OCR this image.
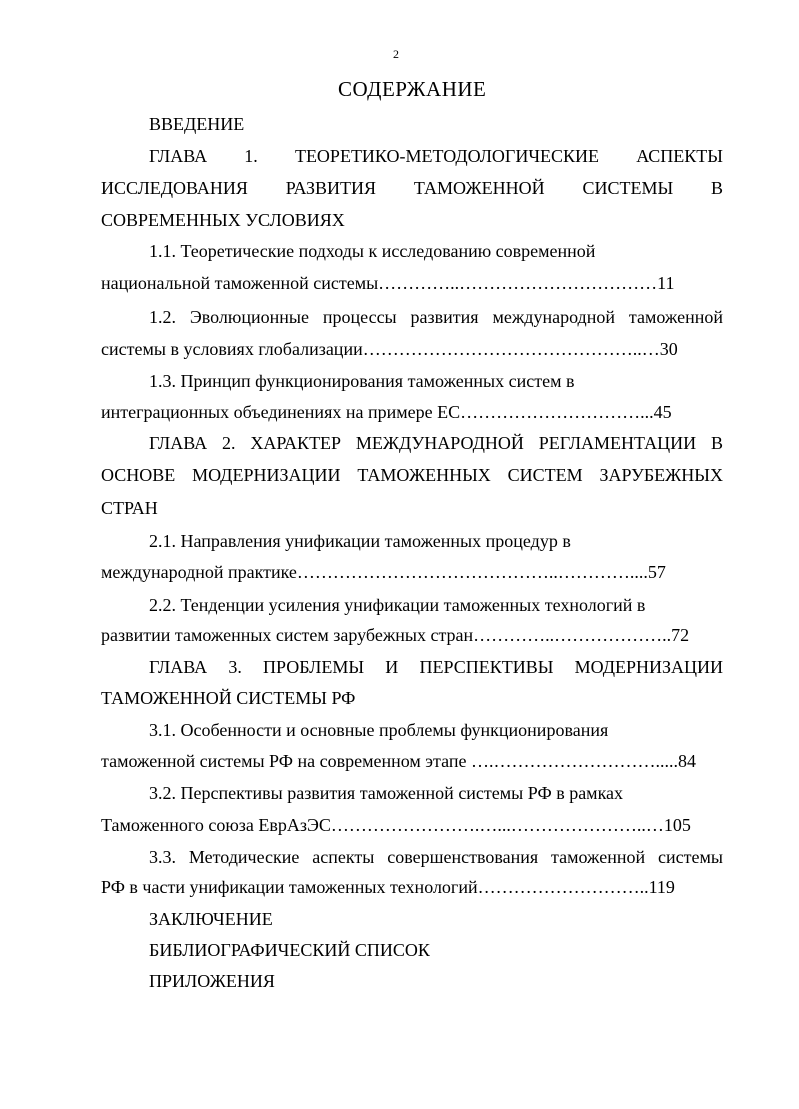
2
СОДЕРЖАНИЕ
ВВЕДЕНИЕ
ГЛАВА 1. ТЕОРЕТИКО-МЕТОДОЛОГИЧЕСКИЕ АСПЕКТЫ
ИССЛЕДОВАНИЯ РАЗВИТИЯ ТАМОЖЕННОЙ СИСТЕМЫ В
СОВРЕМЕННЫХ УСЛОВИЯХ
1.1. Теоретические подходы к исследованию современной
национальной таможенной системы…………..……………………………11
1.2. Эволюционные процессы развития международной таможенной
системы в условиях глобализации………………………………………..…30
1.3. Принцип функционирования таможенных систем в
интеграционных объединениях на примере ЕС…………………………...45
ГЛАВА 2. ХАРАКТЕР МЕЖДУНАРОДНОЙ РЕГЛАМЕНТАЦИИ В
ОСНОВЕ МОДЕРНИЗАЦИИ ТАМОЖЕННЫХ СИСТЕМ ЗАРУБЕЖНЫХ
СТРАН
2.1. Направления унификации таможенных процедур в
международной практике……………………………………..…………....57
2.2. Тенденции усиления унификации таможенных технологий в
развитии таможенных систем зарубежных стран…………..………………..72
ГЛАВА 3. ПРОБЛЕМЫ И ПЕРСПЕКТИВЫ МОДЕРНИЗАЦИИ
ТАМОЖЕННОЙ СИСТЕМЫ РФ
3.1. Особенности и основные проблемы функционирования
таможенной системы РФ на современном этапе ….……………………….....84
3.2. Перспективы развития таможенной системы РФ в рамках
Таможенного союза ЕврАзЭС…………………….…...…………………..…105
3.3. Методические аспекты совершенствования таможенной системы
РФ в части унификации таможенных технологий………………………..119
ЗАКЛЮЧЕНИЕ
БИБЛИОГРАФИЧЕСКИЙ СПИСОК
ПРИЛОЖЕНИЯ
